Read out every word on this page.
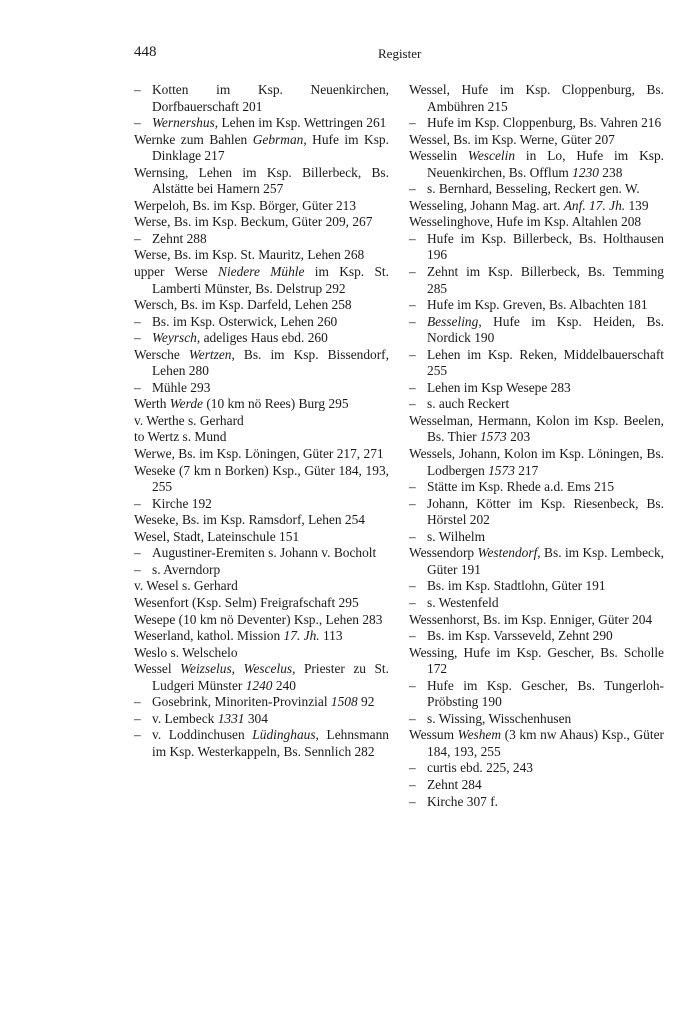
448	Register
– Kotten im Ksp. Neuenkirchen, Dorfbauerschaft 201
– Wernershus, Lehen im Ksp. Wettringen 261
Wernke zum Bahlen Gebrman, Hufe im Ksp. Dinklage 217
Wernsing, Lehen im Ksp. Billerbeck, Bs. Alstätte bei Hamern 257
Werpeloh, Bs. im Ksp. Börger, Güter 213
Werse, Bs. im Ksp. Beckum, Güter 209, 267
– Zehnt 288
Werse, Bs. im Ksp. St. Mauritz, Lehen 268
upper Werse Niedere Mühle im Ksp. St. Lamberti Münster, Bs. Delstrup 292
Wersch, Bs. im Ksp. Darfeld, Lehen 258
– Bs. im Ksp. Osterwick, Lehen 260
– Weyrsch, adeliges Haus ebd. 260
Wersche Wertzen, Bs. im Ksp. Bissendorf, Lehen 280
– Mühle 293
Werth Werde (10 km nö Rees) Burg 295
v. Werthe s. Gerhard
to Wertz s. Mund
Werwe, Bs. im Ksp. Löningen, Güter 217, 271
Weseke (7 km n Borken) Ksp., Güter 184, 193, 255
– Kirche 192
Weseke, Bs. im Ksp. Ramsdorf, Lehen 254
Wesel, Stadt, Lateinschule 151
– Augustiner-Eremiten s. Johann v. Bocholt
– s. Averndorp
v. Wesel s. Gerhard
Wesenfort (Ksp. Selm) Freigrafschaft 295
Wesepe (10 km nö Deventer) Ksp., Lehen 283
Weserland, kathol. Mission 17. Jh. 113
Weslo s. Welschelo
Wessel Weizselus, Wescelus, Priester zu St. Ludgeri Münster 1240 240
– Gosebrink, Minoriten-Provinzial 1508 92
– v. Lembeck 1331 304
– v. Loddinchusen Lüdinghaus, Lehnsmann im Ksp. Westerkappeln, Bs. Sennlich 282
Wessel, Hufe im Ksp. Cloppenburg, Bs. Ambühren 215
– Hufe im Ksp. Cloppenburg, Bs. Vahren 216
Wessel, Bs. im Ksp. Werne, Güter 207
Wesselin Wescelin in Lo, Hufe im Ksp. Neuenkirchen, Bs. Offlum 1230 238
– s. Bernhard, Besseling, Reckert gen. W.
Wesseling, Johann Mag. art. Anf. 17. Jh. 139
Wesselinghove, Hufe im Ksp. Altahlen 208
– Hufe im Ksp. Billerbeck, Bs. Holthausen 196
– Zehnt im Ksp. Billerbeck, Bs. Temming 285
– Hufe im Ksp. Greven, Bs. Albachten 181
– Besseling, Hufe im Ksp. Heiden, Bs. Nordick 190
– Lehen im Ksp. Reken, Middelbauerschaft 255
– Lehen im Ksp Wesepe 283
– s. auch Reckert
Wesselman, Hermann, Kolon im Ksp. Beelen, Bs. Thier 1573 203
Wessels, Johann, Kolon im Ksp. Löningen, Bs. Lodbergen 1573 217
– Stätte im Ksp. Rhede a.d. Ems 215
– Johann, Kötter im Ksp. Riesenbeck, Bs. Hörstel 202
– s. Wilhelm
Wessendorp Westendorf, Bs. im Ksp. Lembeck, Güter 191
– Bs. im Ksp. Stadtlohn, Güter 191
– s. Westenfeld
Wessenhorst, Bs. im Ksp. Enniger, Güter 204
– Bs. im Ksp. Varsseveld, Zehnt 290
Wessing, Hufe im Ksp. Gescher, Bs. Scholle 172
– Hufe im Ksp. Gescher, Bs. Tungerloh-Pröbsting 190
– s. Wissing, Wisschenhusen
Wessum Weshem (3 km nw Ahaus) Ksp., Güter 184, 193, 255
– curtis ebd. 225, 243
– Zehnt 284
– Kirche 307 f.
